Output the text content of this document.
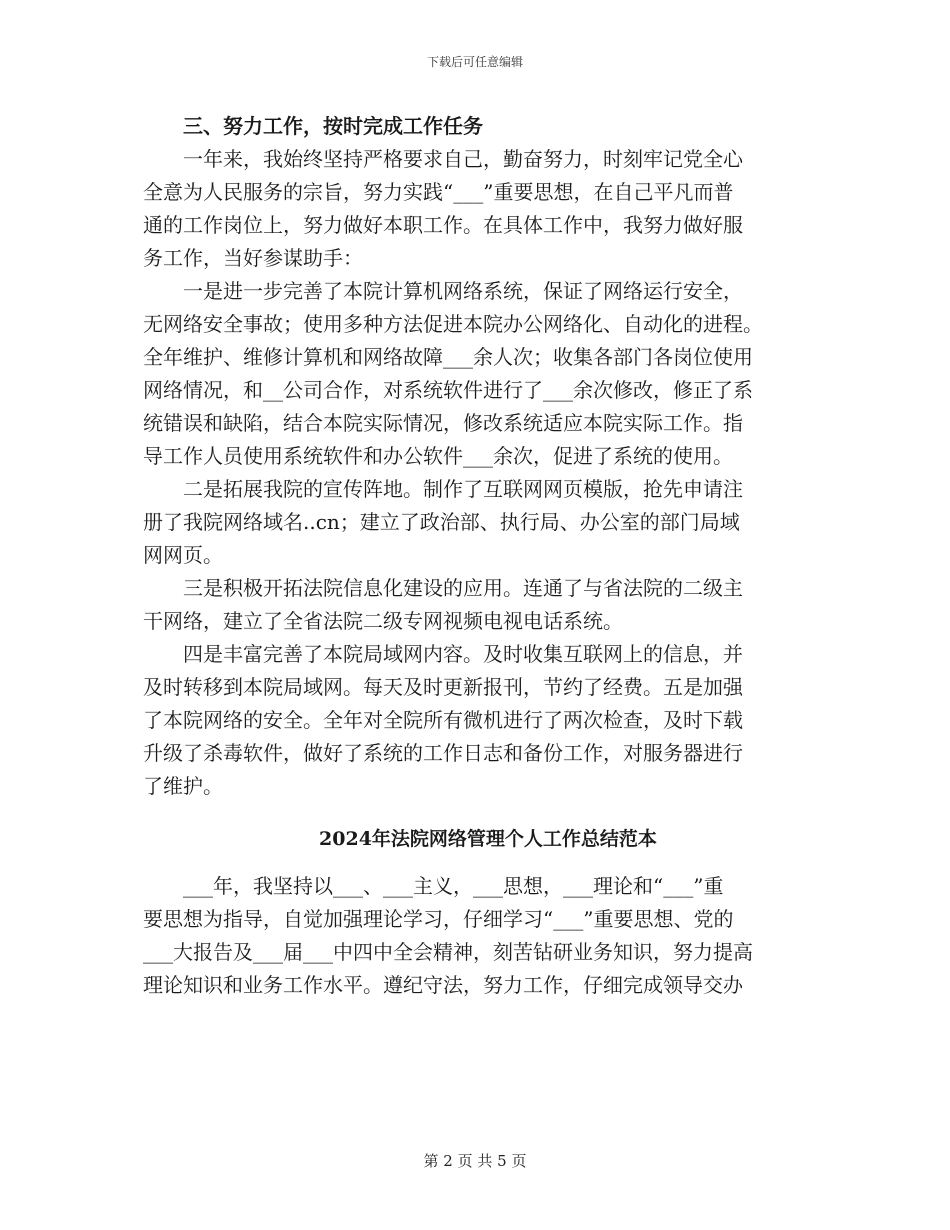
下载后可任意编辑
三、努力工作，按时完成工作任务
一年来，我始终坚持严格要求自己，勤奋努力，时刻牢记党全心
全意为人民服务的宗旨，努力实践“___”重要思想，在自己平凡而普
通的工作岗位上，努力做好本职工作。在具体工作中，我努力做好服
务工作，当好参谋助手：
一是进一步完善了本院计算机网络系统，保证了网络运行安全，
无网络安全事故；使用多种方法促进本院办公网络化、自动化的进程。
全年维护、维修计算机和网络故障___余人次；收集各部门各岗位使用
网络情况，和__公司合作，对系统软件进行了___余次修改，修正了系
统错误和缺陷，结合本院实际情况，修改系统适应本院实际工作。指
导工作人员使用系统软件和办公软件___余次，促进了系统的使用。
二是拓展我院的宣传阵地。制作了互联网网页模版，抢先申请注
册了我院网络域名..cn；建立了政治部、执行局、办公室的部门局域
网网页。
三是积极开拓法院信息化建设的应用。连通了与省法院的二级主
干网络，建立了全省法院二级专网视频电视电话系统。
四是丰富完善了本院局域网内容。及时收集互联网上的信息，并
及时转移到本院局域网。每天及时更新报刊，节约了经费。五是加强
了本院网络的安全。全年对全院所有微机进行了两次检查，及时下载
升级了杀毒软件，做好了系统的工作日志和备份工作，对服务器进行
了维护。
2024年法院网络管理个人工作总结范本
___年，我坚持以___、___主义，___思想，___理论和“___”重
要思想为指导，自觉加强理论学习，仔细学习“___”重要思想、党的
___大报告及___届___中四中全会精神，刻苦钻研业务知识，努力提高
理论知识和业务工作水平。遵纪守法，努力工作，仔细完成领导交办
第 2 页 共 5 页
